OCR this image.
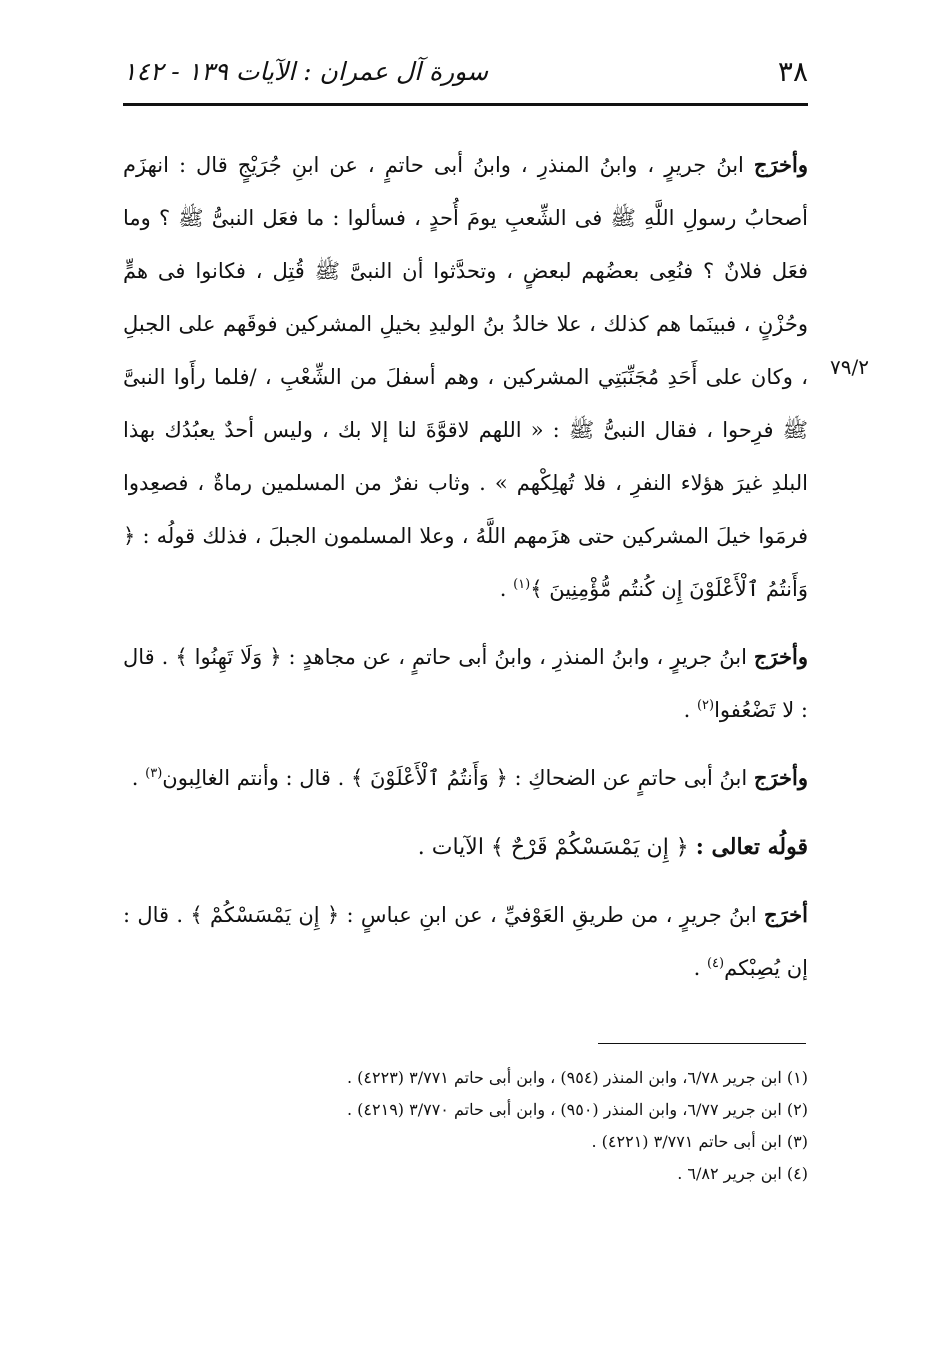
٣٨
سورة آل عمران : الآيات ١٣٩ - ١٤٢
٧٩/٢

وأخرَج ابنُ جريرٍ ، وابنُ المنذرِ ، وابنُ أبى حاتمٍ ، عن ابنِ جُرَيْجٍ قال : انهزَم أصحابُ رسولِ اللَّهِ ﷺ فى الشِّعبِ يومَ أُحدٍ ، فسألوا : ما فعَل النبىُّ ﷺ ؟ وما فعَل فلانٌ ؟ فنُعِى بعضُهم لبعضٍ ، وتحدَّثوا أن النبىَّ ﷺ قُتِل ، فكانوا فى همٍّ وحُزْنٍ ، فبينَما هم كذلك ، علا خالدُ بنُ الوليدِ بخيلِ المشركين فوقَهم على الجبلِ ، وكان على أَحَدِ مُجَنِّبَتِي المشركين ، وهم أسفلَ من الشِّعْبِ ، /فلما رأَوا النبىَّ ﷺ فرِحوا ، فقال النبىُّ ﷺ : « اللهم لاقوَّةَ لنا إلا بك ، وليس أحدٌ يعبُدُك بهذا البلدِ غيرَ هؤلاء النفرِ ، فلا تُهلِكْهم » . وثاب نفرٌ من المسلمين رماةٌ ، فصعِدوا فرمَوا خيلَ المشركين حتى هزَمهم اللَّهُ ، وعلا المسلمون الجبلَ ، فذلك قولُه : ﴿ وَأَنتُمُ ٱلْأَعْلَوْنَ إِن كُنتُم مُّؤْمِنِينَ ﴾$^{(١)}$ .

وأخرَج ابنُ جريرٍ ، وابنُ المنذرِ ، وابنُ أبى حاتمٍ ، عن مجاهدٍ : ﴿ وَلَا تَهِنُوا ﴾ . قال : لا تَضْعُفوا$^{(٢)}$ .

وأخرَج ابنُ أبى حاتمٍ عن الضحاكِ : ﴿ وَأَنتُمُ ٱلْأَعْلَوْنَ ﴾ . قال : وأنتم الغالِبون$^{(٣)}$ .

قولُه تعالى : ﴿ إِن يَمْسَسْكُمْ قَرْحٌ ﴾ الآيات .

أخرَج ابنُ جريرٍ ، من طريقِ العَوْفيِّ ، عن ابنِ عباسٍ : ﴿ إِن يَمْسَسْكُمْ ﴾ . قال : إن يُصِبْكم$^{(٤)}$ .

(١) ابن جرير ٦/٧٨، وابن المنذر (٩٥٤) ، وابن أبى حاتم ٣/٧٧١ (٤٢٢٣) .
(٢) ابن جرير ٦/٧٧، وابن المنذر (٩٥٠) ، وابن أبى حاتم ٣/٧٧٠ (٤٢١٩) .
(٣) ابن أبى حاتم ٣/٧٧١ (٤٢٢١) .
(٤) ابن جرير ٦/٨٢ .
